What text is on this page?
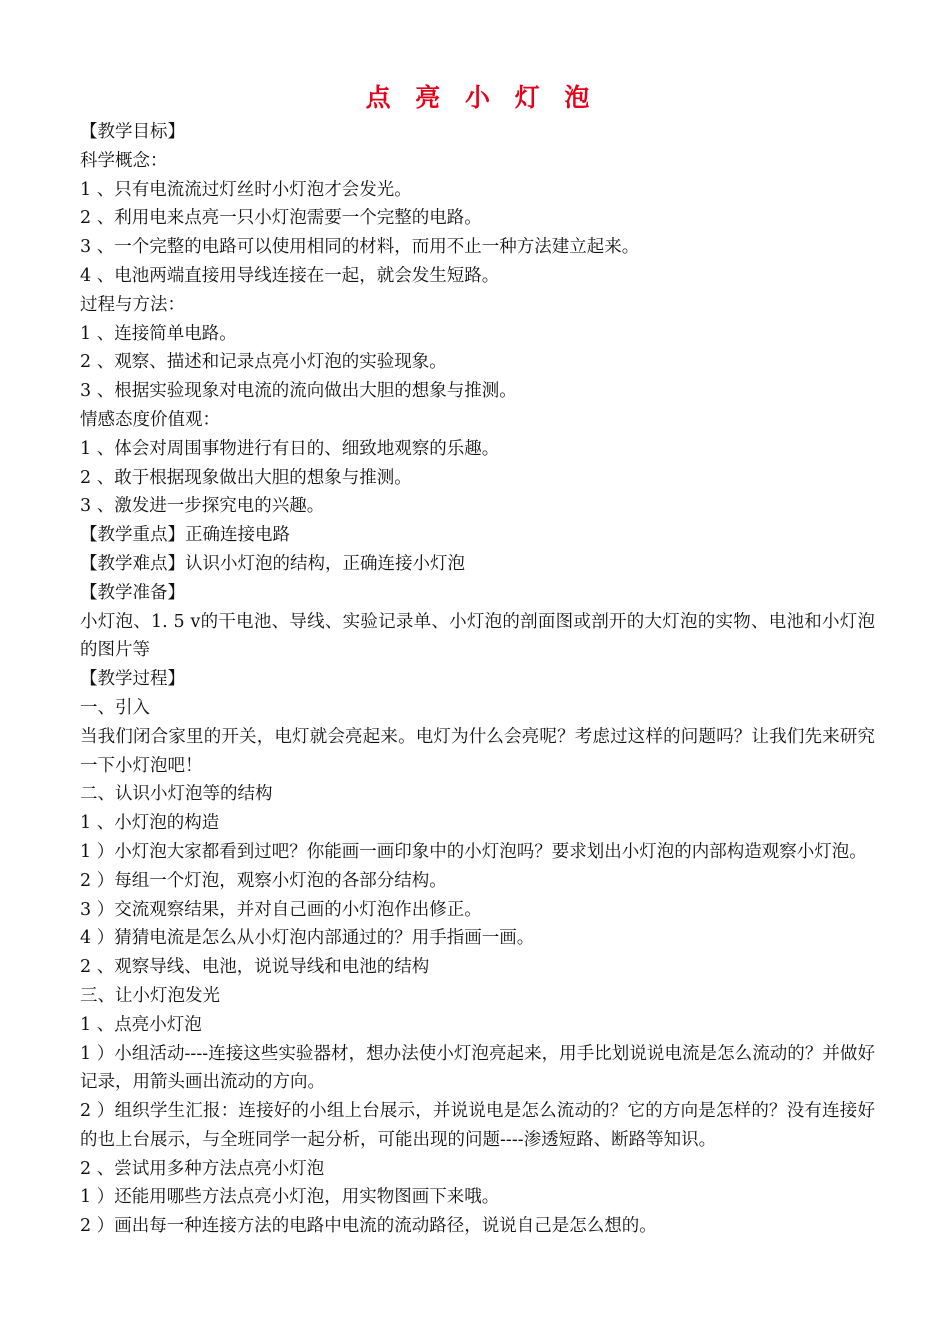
点 亮 小 灯 泡
【教学目标】
科学概念：
1 、只有电流流过灯丝时小灯泡才会发光。
2 、利用电来点亮一只小灯泡需要一个完整的电路。
3 、一个完整的电路可以使用相同的材料，而用不止一种方法建立起来。
4 、电池两端直接用导线连接在一起，就会发生短路。
过程与方法：
1 、连接简单电路。
2 、观察、描述和记录点亮小灯泡的实验现象。
3 、根据实验现象对电流的流向做出大胆的想象与推测。
情感态度价值观：
1 、体会对周围事物进行有日的、细致地观察的乐趣。
2 、敢于根据现象做出大胆的想象与推测。
3 、激发进一步探究电的兴趣。
【教学重点】正确连接电路
【教学难点】认识小灯泡的结构，正确连接小灯泡
【教学准备】
小灯泡、1. 5 v的干电池、导线、实验记录单、小灯泡的剖面图或剖开的大灯泡的实物、电池和小灯泡的图片等
【教学过程】
一、引入
当我们闭合家里的开关，电灯就会亮起来。电灯为什么会亮呢？考虑过这样的问题吗？让我们先来研究一下小灯泡吧！
二、认识小灯泡等的结构
1 、小灯泡的构造
1 ）小灯泡大家都看到过吧？你能画一画印象中的小灯泡吗？要求划出小灯泡的内部构造观察小灯泡。
2 ）每组一个灯泡，观察小灯泡的各部分结构。
3 ）交流观察结果，并对自己画的小灯泡作出修正。
4 ）猜猜电流是怎么从小灯泡内部通过的？用手指画一画。
2 、观察导线、电池，说说导线和电池的结构
三、让小灯泡发光
1 、点亮小灯泡
1 ）小组活动----连接这些实验器材，想办法使小灯泡亮起来，用手比划说说电流是怎么流动的？并做好记录，用箭头画出流动的方向。
2 ）组织学生汇报：连接好的小组上台展示，并说说电是怎么流动的？它的方向是怎样的？没有连接好的也上台展示，与全班同学一起分析，可能出现的问题----渗透短路、断路等知识。
2 、尝试用多种方法点亮小灯泡
1 ）还能用哪些方法点亮小灯泡，用实物图画下来哦。
2 ）画出每一种连接方法的电路中电流的流动路径，说说自己是怎么想的。
